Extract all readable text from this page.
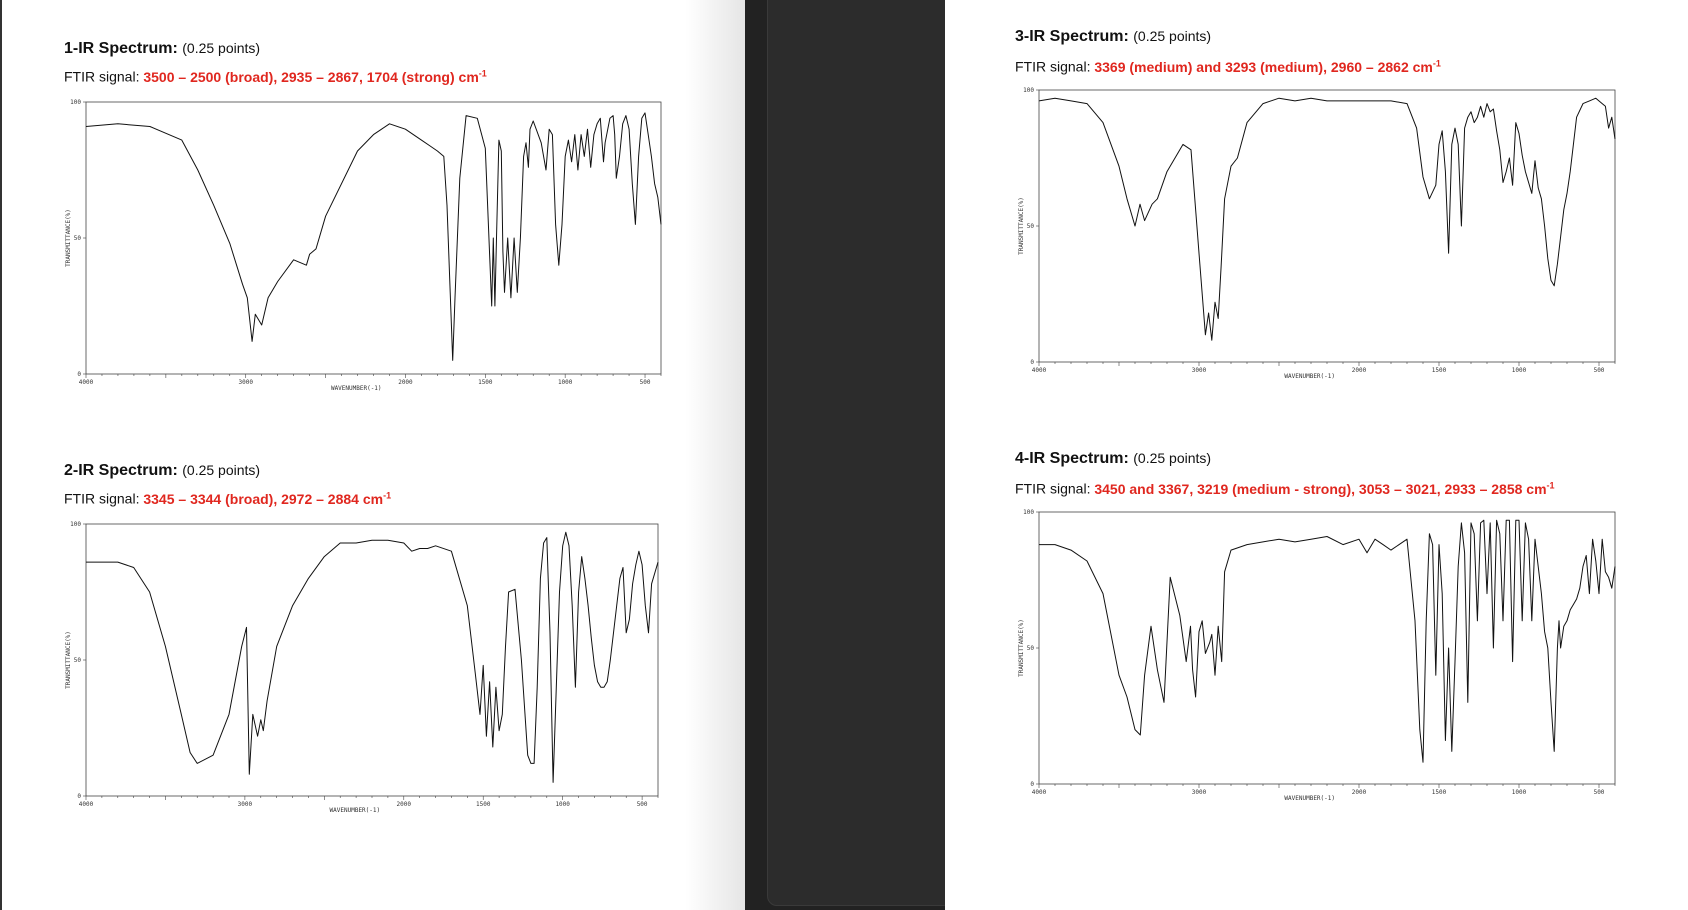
1-IR Spectrum: (0.25 points)
FTIR signal: 3500 – 2500 (broad), 2935 – 2867, 1704 (strong) $cm^{-1}$
4000	3000	2000	1500	1000	500
100
50
0
WAVENUMBER(-1)
TRANSMITTANCE(%)
2-IR Spectrum: (0.25 points)
FTIR signal: 3345 – 3344 (broad), 2972 – 2884 $cm^{-1}$
4000	3000	2000	1500	1000	500
100
50
0
WAVENUMBER(-1)
TRANSMITTANCE(%)
3-IR Spectrum: (0.25 points)
FTIR signal: 3369 (medium) and 3293 (medium), 2960 – 2862 $cm^{-1}$
4000	3000	2000	1500	1000	500
100
50
0
WAVENUMBER(-1)
TRANSMITTANCE(%)
4-IR Spectrum: (0.25 points)
FTIR signal: 3450 and 3367, 3219 (medium - strong), 3053 – 3021, 2933 – 2858 $cm^{-1}$
4000	3000	2000	1500	1000	500
100
50
0
WAVENUMBER(-1)
TRANSMITTANCE(%)
